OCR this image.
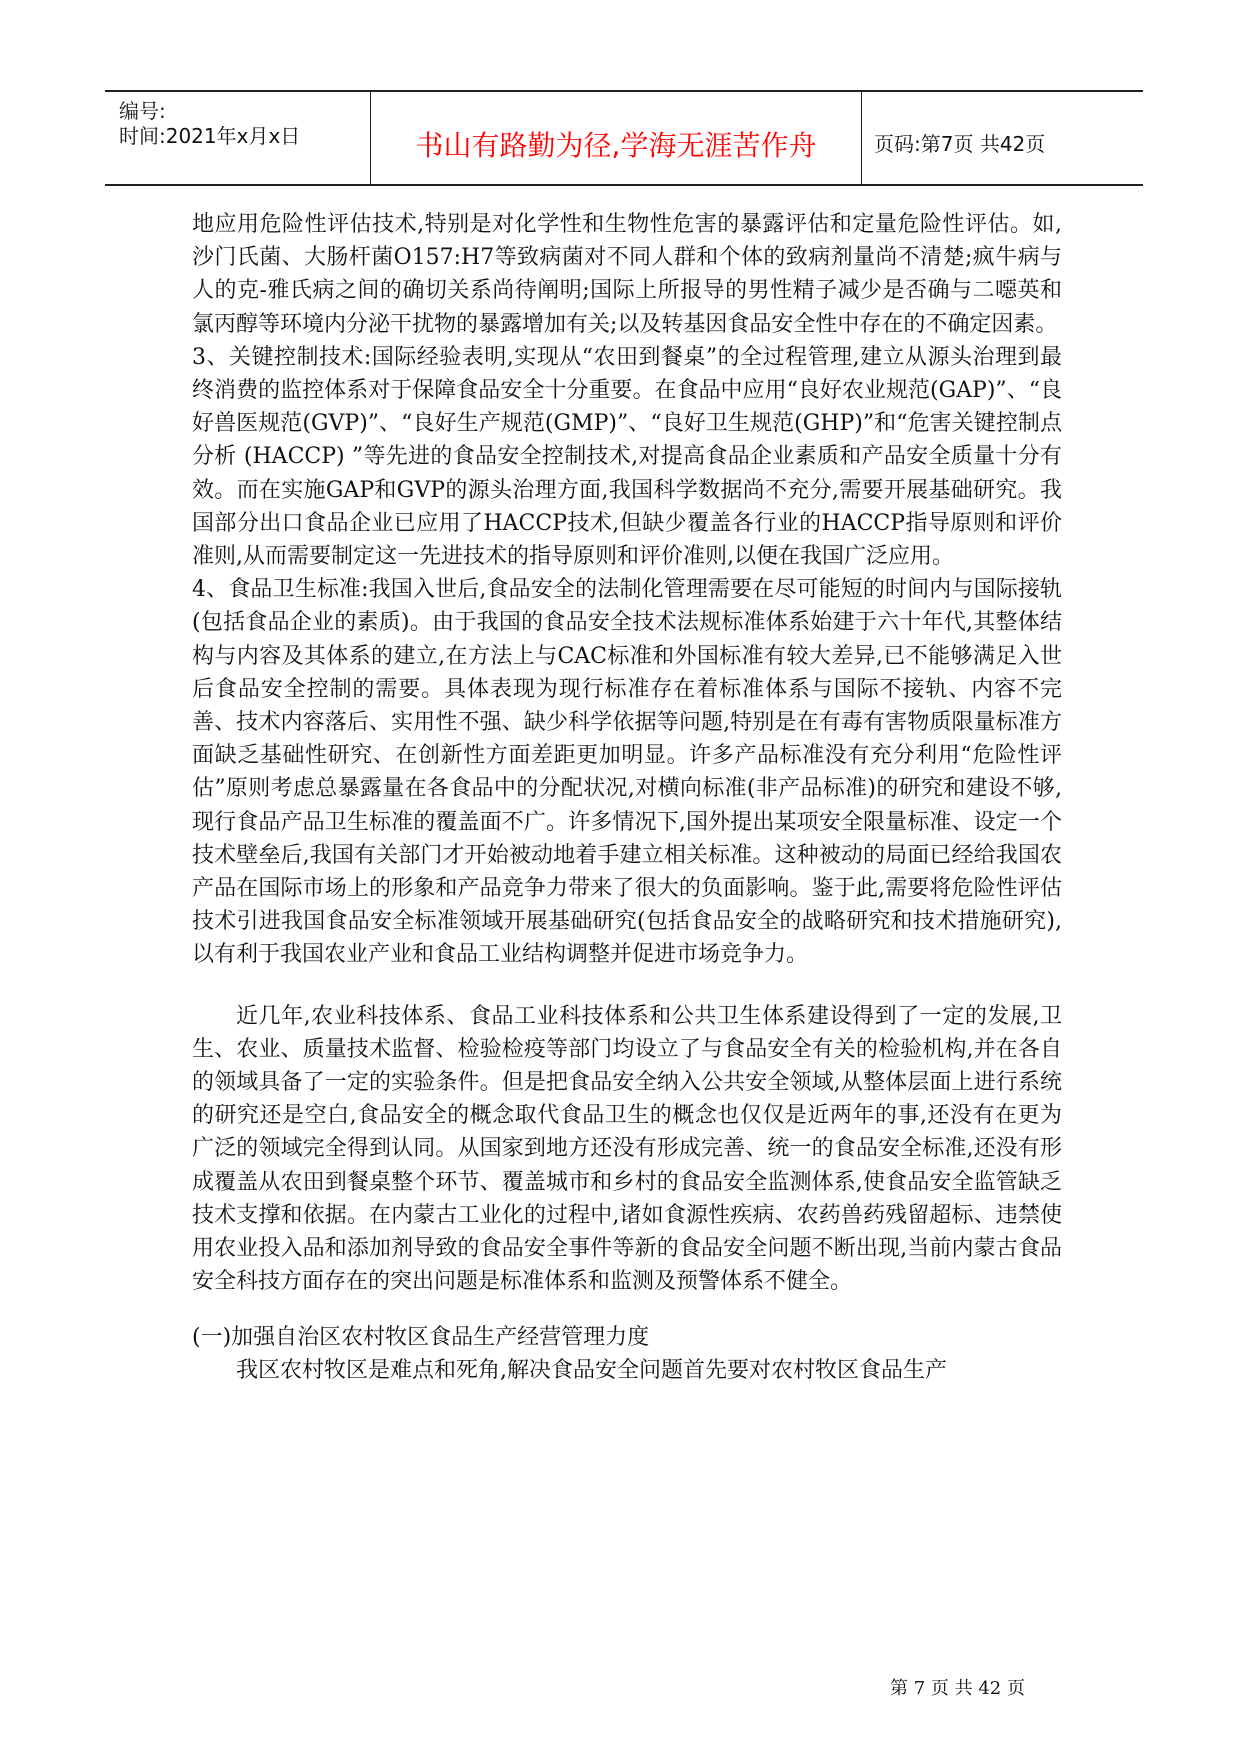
编号:
时间:2021年x月x日	书山有路勤为径,学海无涯苦作舟	页码:第7页 共42页

地应用危险性评估技术,特别是对化学性和生物性危害的暴露评估和定量危险性评估。如,沙门氏菌、大肠杆菌O157:H7等致病菌对不同人群和个体的致病剂量尚不清楚;疯牛病与人的克-雅氏病之间的确切关系尚待阐明;国际上所报导的男性精子减少是否确与二噁英和氯丙醇等环境内分泌干扰物的暴露增加有关;以及转基因食品安全性中存在的不确定因素。

3、关键控制技术:国际经验表明,实现从“农田到餐桌”的全过程管理,建立从源头治理到最终消费的监控体系对于保障食品安全十分重要。在食品中应用“良好农业规范(GAP)”、“良好兽医规范(GVP)”、“良好生产规范(GMP)”、“良好卫生规范(GHP)”和“危害关键控制点分析 (HACCP) ”等先进的食品安全控制技术,对提高食品企业素质和产品安全质量十分有效。而在实施GAP和GVP的源头治理方面,我国科学数据尚不充分,需要开展基础研究。我国部分出口食品企业已应用了HACCP技术,但缺少覆盖各行业的HACCP指导原则和评价准则,从而需要制定这一先进技术的指导原则和评价准则,以便在我国广泛应用。

4、食品卫生标准:我国入世后,食品安全的法制化管理需要在尽可能短的时间内与国际接轨(包括食品企业的素质)。由于我国的食品安全技术法规标准体系始建于六十年代,其整体结构与内容及其体系的建立,在方法上与CAC标准和外国标准有较大差异,已不能够满足入世后食品安全控制的需要。具体表现为现行标准存在着标准体系与国际不接轨、内容不完善、技术内容落后、实用性不强、缺少科学依据等问题,特别是在有毒有害物质限量标准方面缺乏基础性研究、在创新性方面差距更加明显。许多产品标准没有充分利用“危险性评估”原则考虑总暴露量在各食品中的分配状况,对横向标准(非产品标准)的研究和建设不够,现行食品产品卫生标准的覆盖面不广。许多情况下,国外提出某项安全限量标准、设定一个技术壁垒后,我国有关部门才开始被动地着手建立相关标准。这种被动的局面已经给我国农产品在国际市场上的形象和产品竞争力带来了很大的负面影响。鉴于此,需要将危险性评估技术引进我国食品安全标准领域开展基础研究(包括食品安全的战略研究和技术措施研究),以有利于我国农业产业和食品工业结构调整并促进市场竞争力。

近几年,农业科技体系、食品工业科技体系和公共卫生体系建设得到了一定的发展,卫生、农业、质量技术监督、检验检疫等部门均设立了与食品安全有关的检验机构,并在各自的领域具备了一定的实验条件。但是把食品安全纳入公共安全领域,从整体层面上进行系统的研究还是空白,食品安全的概念取代食品卫生的概念也仅仅是近两年的事,还没有在更为广泛的领域完全得到认同。从国家到地方还没有形成完善、统一的食品安全标准,还没有形成覆盖从农田到餐桌整个环节、覆盖城市和乡村的食品安全监测体系,使食品安全监管缺乏技术支撑和依据。在内蒙古工业化的过程中,诸如食源性疾病、农药兽药残留超标、违禁使用农业投入品和添加剂导致的食品安全事件等新的食品安全问题不断出现,当前内蒙古食品安全科技方面存在的突出问题是标准体系和监测及预警体系不健全。

(一)加强自治区农村牧区食品生产经营管理力度

我区农村牧区是难点和死角,解决食品安全问题首先要对农村牧区食品生产

第 7 页 共 42 页
